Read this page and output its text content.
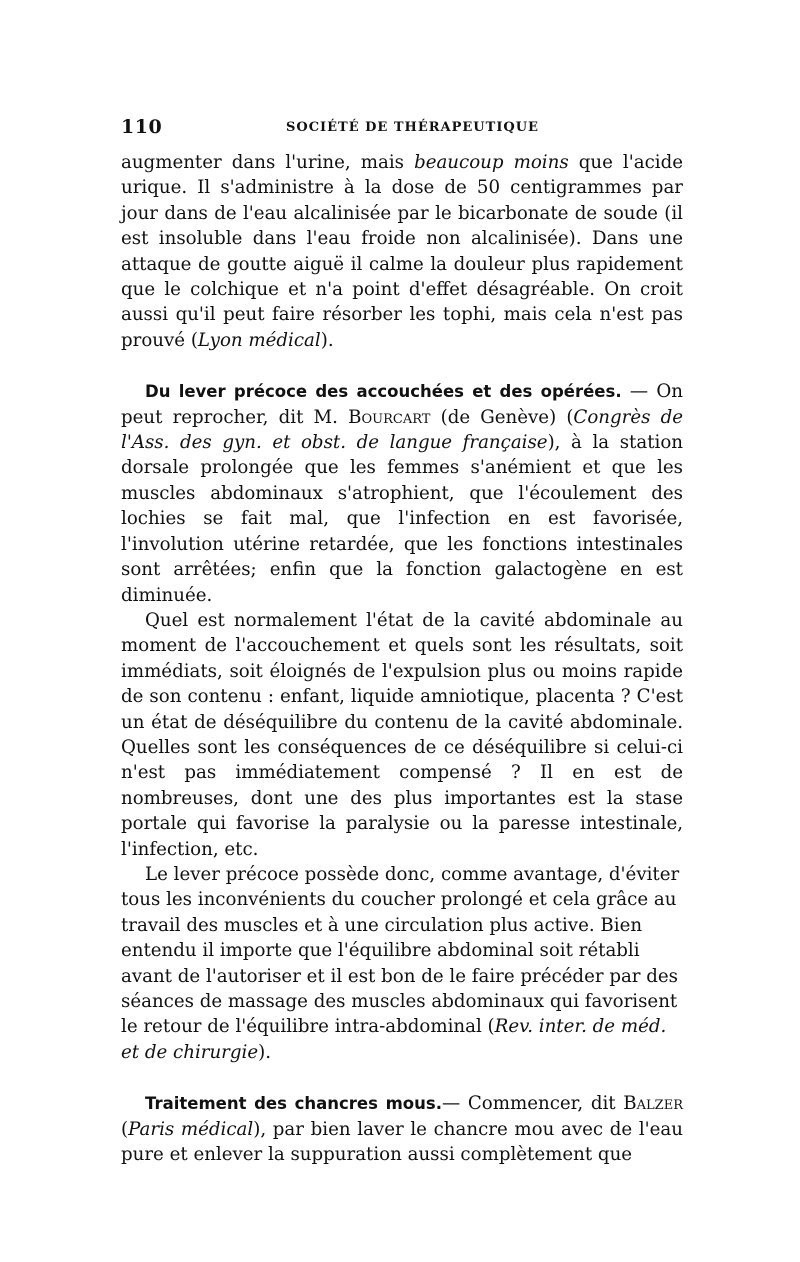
110	SOCIÉTÉ DE THÉRAPEUTIQUE

augmenter dans l'urine, mais beaucoup moins que l'acide urique. Il s'administre à la dose de 50 centigrammes par jour dans de l'eau alcalinisée par le bicarbonate de soude (il est insoluble dans l'eau froide non alcalinisée). Dans une attaque de goutte aiguë il calme la douleur plus rapidement que le colchique et n'a point d'effet désagréable. On croit aussi qu'il peut faire résorber les tophi, mais cela n'est pas prouvé (Lyon médical).

Du lever précoce des accouchées et des opérées. — On peut reprocher, dit M. Bourcart (de Genève) (Congrès de l'Ass. des gyn. et obst. de langue française), à la station dorsale prolongée que les femmes s'anémient et que les muscles abdominaux s'atrophient, que l'écoulement des lochies se fait mal, que l'infection en est favorisée, l'involution utérine retardée, que les fonctions intestinales sont arrêtées; enfin que la fonction galactogène en est diminuée.

Quel est normalement l'état de la cavité abdominale au moment de l'accouchement et quels sont les résultats, soit immédiats, soit éloignés de l'expulsion plus ou moins rapide de son contenu : enfant, liquide amniotique, placenta ? C'est un état de déséquilibre du contenu de la cavité abdominale. Quelles sont les conséquences de ce déséquilibre si celui-ci n'est pas immédiatement compensé ? Il en est de nombreuses, dont une des plus importantes est la stase portale qui favorise la paralysie ou la paresse intestinale, l'infection, etc.

Le lever précoce possède donc, comme avantage, d'éviter tous les inconvénients du coucher prolongé et cela grâce au travail des muscles et à une circulation plus active. Bien entendu il importe que l'équilibre abdominal soit rétabli avant de l'autoriser et il est bon de le faire précéder par des séances de massage des muscles abdominaux qui favorisent le retour de l'équilibre intra-abdominal (Rev. inter. de méd. et de chirurgie).

Traitement des chancres mous.— Commencer, dit Balzer (Paris médical), par bien laver le chancre mou avec de l'eau pure et enlever la suppuration aussi complètement que
